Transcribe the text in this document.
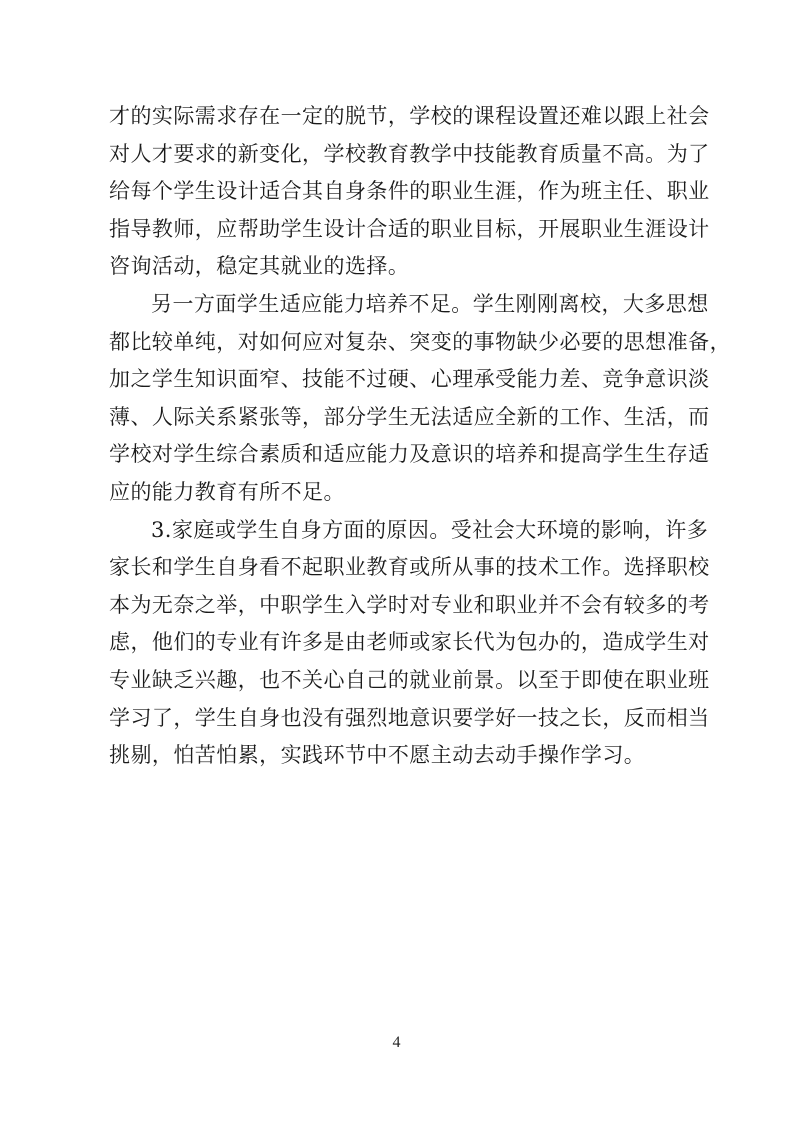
才的实际需求存在一定的脱节，学校的课程设置还难以跟上社会
对人才要求的新变化，学校教育教学中技能教育质量不高。为了
给每个学生设计适合其自身条件的职业生涯，作为班主任、职业
指导教师，应帮助学生设计合适的职业目标，开展职业生涯设计
咨询活动，稳定其就业的选择。
另一方面学生适应能力培养不足。学生刚刚离校，大多思想
都比较单纯，对如何应对复杂、突变的事物缺少必要的思想准备，
加之学生知识面窄、技能不过硬、心理承受能力差、竞争意识淡
薄、人际关系紧张等，部分学生无法适应全新的工作、生活，而
学校对学生综合素质和适应能力及意识的培养和提高学生生存适
应的能力教育有所不足。
3.家庭或学生自身方面的原因。受社会大环境的影响，许多
家长和学生自身看不起职业教育或所从事的技术工作。选择职校
本为无奈之举，中职学生入学时对专业和职业并不会有较多的考
虑，他们的专业有许多是由老师或家长代为包办的，造成学生对
专业缺乏兴趣，也不关心自己的就业前景。以至于即使在职业班
学习了，学生自身也没有强烈地意识要学好一技之长，反而相当
挑剔，怕苦怕累，实践环节中不愿主动去动手操作学习。
4
